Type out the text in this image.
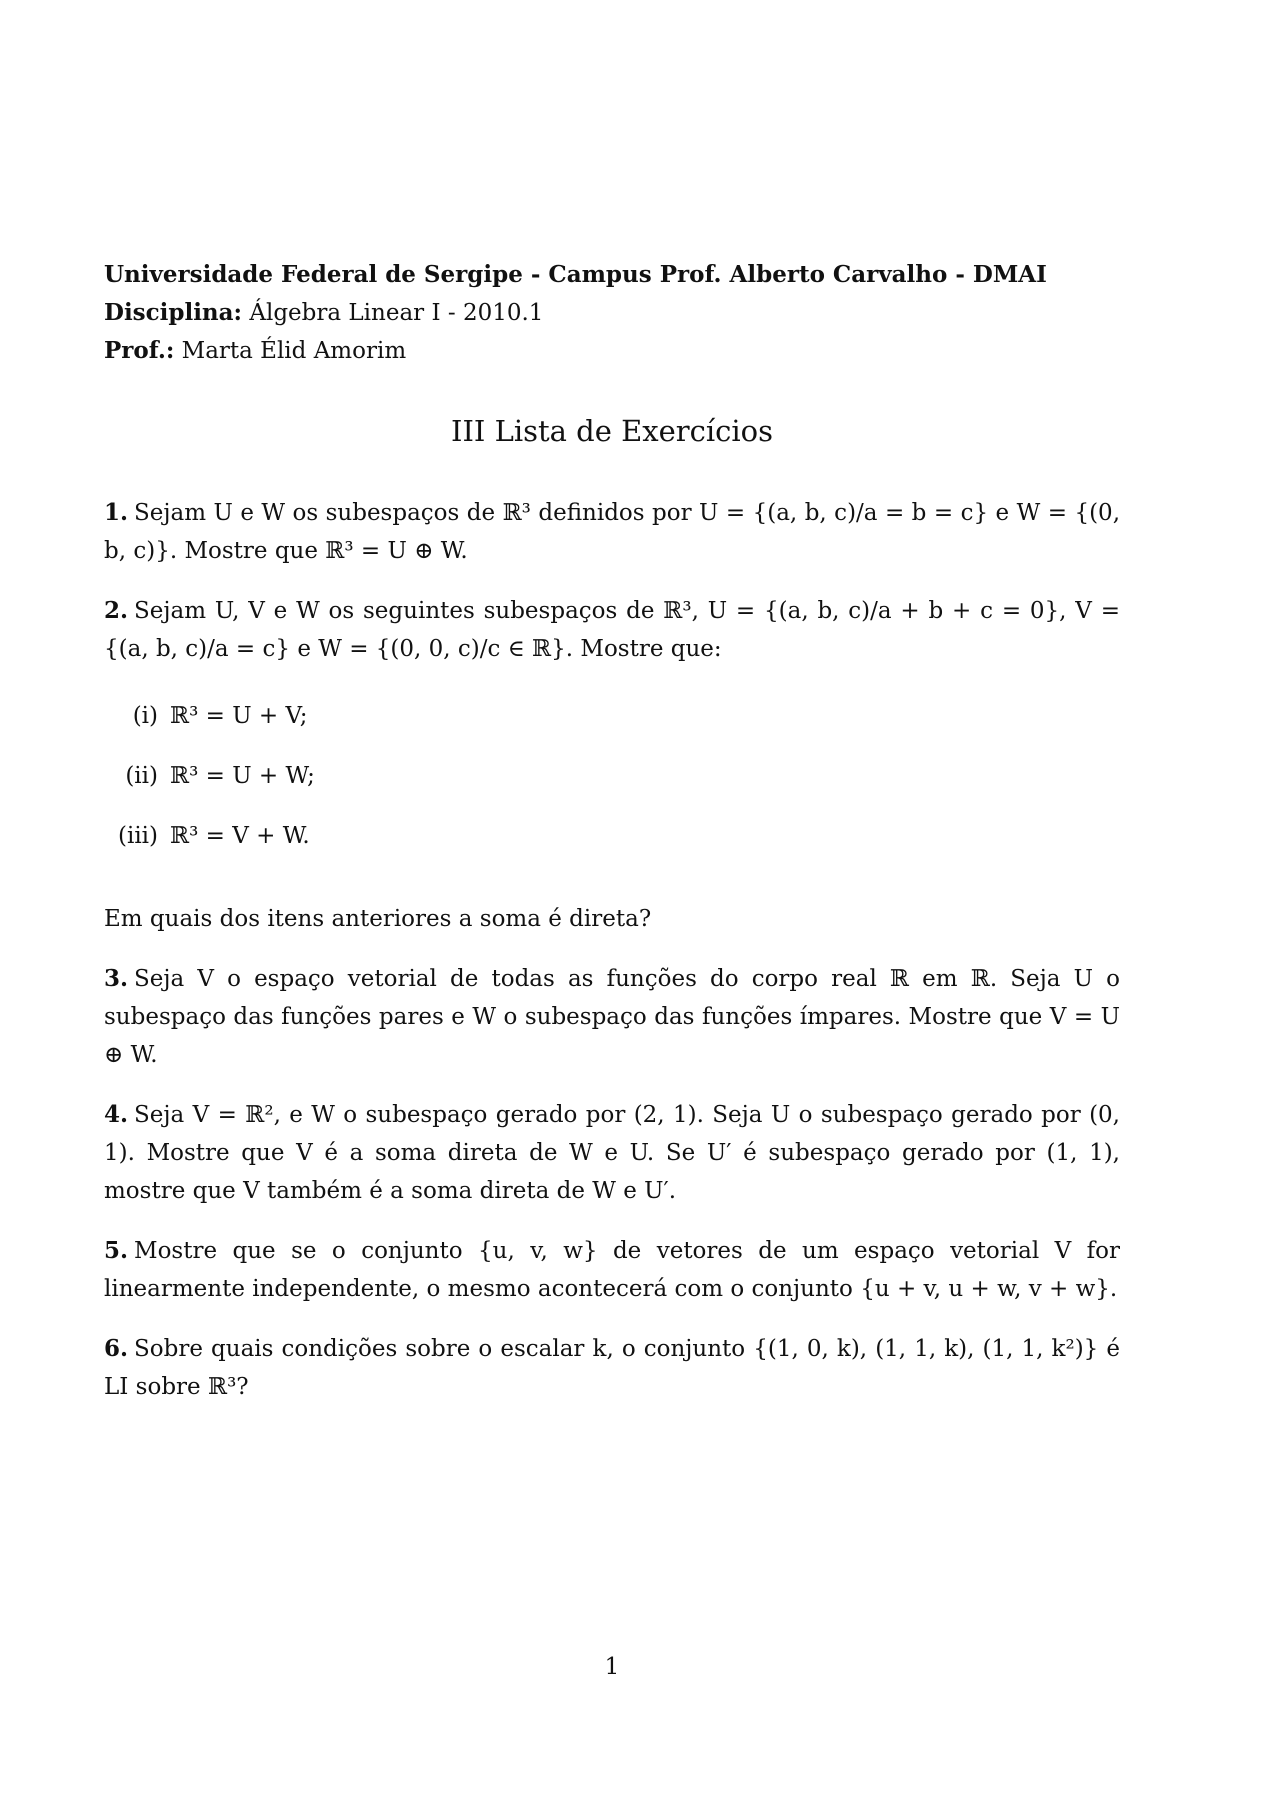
Universidade Federal de Sergipe - Campus Prof. Alberto Carvalho - DMAI
Disciplina: Álgebra Linear I - 2010.1
Prof.: Marta Élid Amorim
III Lista de Exercícios

1. Sejam U e W os subespaços de ℝ³ definidos por U = {(a, b, c)/a = b = c} e W = {(0, b, c)}. Mostre que ℝ³ = U ⊕ W.

2. Sejam U, V e W os seguintes subespaços de ℝ³, U = {(a, b, c)/a + b + c = 0}, V = {(a, b, c)/a = c} e W = {(0, 0, c)/c ∈ ℝ}. Mostre que:

(i) ℝ³ = U + V;
(ii) ℝ³ = U + W;
(iii) ℝ³ = V + W.

Em quais dos itens anteriores a soma é direta?

3. Seja V o espaço vetorial de todas as funções do corpo real ℝ em ℝ. Seja U o subespaço das funções pares e W o subespaço das funções ímpares. Mostre que V = U ⊕ W.

4. Seja V = ℝ², e W o subespaço gerado por (2, 1). Seja U o subespaço gerado por (0, 1). Mostre que V é a soma direta de W e U. Se U′ é subespaço gerado por (1, 1), mostre que V também é a soma direta de W e U′.

5. Mostre que se o conjunto {u, v, w} de vetores de um espaço vetorial V for linearmente independente, o mesmo acontecerá com o conjunto {u + v, u + w, v + w}.

6. Sobre quais condições sobre o escalar k, o conjunto {(1, 0, k), (1, 1, k), (1, 1, k²)} é LI sobre ℝ³?

1
